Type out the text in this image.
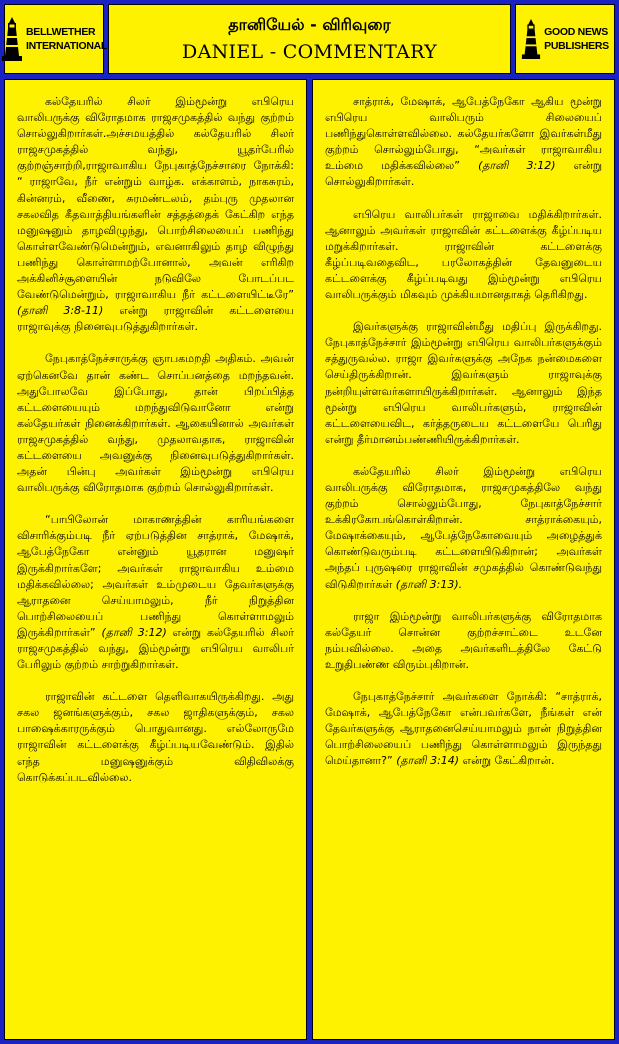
BELLWETHER
INTERNATIONAL
தானியேல் - விரிவுரை
DANIEL - COMMENTARY
GOOD NEWS
PUBLISHERS

கல்தேயரில் சிலர் இம்மூன்று எபிரெய வாலிபருக்கு விரோதமாக ராஜசமுகத்தில் வந்து குற்றம் சொல்லுகிறார்கள்.அச்சமயத்தில் கல்தேயரில் சிலர் ராஜசமுகத்தில் வந்து, யூதர்பேரில் குற்றஞ்சாற்றி,ராஜாவாகிய நேபுகாத்நேச்சாரை நோக்கி: “ ராஜாவே, நீர் என்றும் வாழ்க. எக்காளம், நாகசுரம், கின்னரம், வீணை, சுரமண்டலம், தம்புரு முதலான சகலவித கீதவாத்தியங்களின் சத்தத்தைக் கேட்கிற எந்த மனுஷனும் தாழவிழுந்து, பொற்சிலையைப் பணிந்து கொள்ளவேண்டுமென்றும், எவனாகிலும் தாழ விழுந்து பணிந்து கொள்ளாமற்போனால், அவன் எரிகிற அக்கினிச்சூளையின் நடுவிலே போடப்பட வேண்டுமென்றும், ராஜாவாகிய நீர் கட்டளையிட்டீரே” (தானி 3:8-11) என்று ராஜாவின் கட்டளையை ராஜாவுக்கு நினைவுபடுத்துகிறார்கள்.

நேபுகாத்நேச்சாருக்கு ஞாபகமறதி அதிகம். அவன் ஏற்கெனவே தான் கண்ட சொப்பனத்தை மறந்தவன். அதுபோலவே இப்போது, தான் பிறப்பித்த கட்டளையையும் மறந்துவிடுவானோ என்று கல்தேயர்கள் நினைக்கிறார்கள். ஆகையினால் அவர்கள் ராஜசமுகத்தில் வந்து, முதலாவதாக, ராஜாவின் கட்டளையை அவனுக்கு நினைவுபடுத்துகிறார்கள். அதன் பின்பு அவர்கள் இம்மூன்று எபிரெய வாலிபருக்கு விரோதமாக குற்றம் சொல்லுகிறார்கள்.

“பாபிலோன் மாகாணத்தின் காரியங்களை விசாரிக்கும்படி நீர் ஏற்படுத்தின சாத்ராக், மேஷாக், ஆபேத்நேகோ என்னும் யூதரான மனுஷர் இருக்கிறார்களே; அவர்கள் ராஜாவாகிய உம்மை மதிக்கவில்லை; அவர்கள் உம்முடைய தேவர்களுக்கு ஆராதனை செய்யாமலும், நீர் நிறுத்தின பொற்சிலையைப் பணிந்து கொள்ளாமலும் இருக்கிறார்கள்” (தானி 3:12) என்று கல்தேயரில் சிலர் ராஜசமுகத்தில் வந்து, இம்மூன்று எபிரெய வாலிபர் பேரிலும் குற்றம் சாற்றுகிறார்கள்.

ராஜாவின் கட்டளை தெளிவாகயிருக்கிறது. அது சகல ஜனங்களுக்கும், சகல ஜாதிகளுக்கும், சகல பாஷைக்காரருக்கும் பொதுவானது. எல்லோருமே ராஜாவின் கட்டளைக்கு கீழ்ப்படியவேண்டும். இதில் எந்த மனுஷனுக்கும் விதிவிலக்கு கொடுக்கப்படவில்லை.

சாத்ராக், மேஷாக், ஆபேத்நேகோ ஆகிய மூன்று எபிரெய வாலிபரும் சிலையைப் பணிந்துகொள்ளவில்லை. கல்தேயர்களோ இவர்கள்மீது குற்றம் சொல்லும்போது, “அவர்கள் ராஜாவாகிய உம்மை மதிக்கவில்லை” (தானி 3:12) என்று சொல்லுகிறார்கள்.

எபிரெய வாலிபர்கள் ராஜாவை மதிக்கிறார்கள். ஆனாலும் அவர்கள் ராஜாவின் கட்டளைக்கு கீழ்ப்படிய மறுக்கிறார்கள். ராஜாவின் கட்டளைக்கு கீழ்ப்படிவதைவிட, பரலோகத்தின் தேவனுடைய கட்டளைக்கு கீழ்ப்படிவது இம்மூன்று எபிரெய வாலிபருக்கும் மிகவும் முக்கியமானதாகத் தெரிகிறது.

இவர்களுக்கு ராஜாவின்மீது மதிப்பு இருக்கிறது. நேபுகாத்நேச்சார் இம்மூன்று எபிரெய வாலிபர்களுக்கும் சத்துருவல்ல. ராஜா இவர்களுக்கு அநேக நன்மைகளை செய்திருக்கிறான். இவர்களும் ராஜாவுக்கு நன்றியுள்ளவர்களாயிருக்கிறார்கள். ஆனாலும் இந்த மூன்று எபிரெய வாலிபர்களும், ராஜாவின் கட்டளையைவிட, கர்த்தருடைய கட்டளையே பெரிது என்று தீர்மானம்பண்ணியிருக்கிறார்கள்.

கல்தேயரில் சிலர் இம்மூன்று எபிரெய வாலிபருக்கு விரோதமாக, ராஜசமுகத்திலே வந்து குற்றம் சொல்லும்போது, நேபுகாத்நேச்சார் உக்கிரகோபங்கொள்கிறான். சாத்ராக்கையும், மேஷாக்கையும், ஆபேத்நேகோவையும் அழைத்துக் கொண்டுவரும்படி கட்டளையிடுகிறான்; அவர்கள் அந்தப் புருஷரை ராஜாவின் சமுகத்தில் கொண்டுவந்து விடுகிறார்கள் (தானி 3:13).

ராஜா இம்மூன்று வாலிபர்களுக்கு விரோதமாக கல்தேயர் சொன்ன குற்றச்சாட்டை உடனே நம்பவில்லை. அதை அவர்களிடத்திலே கேட்டு உறுதிபண்ண விரும்புகிறான்.

நேபுகாத்நேச்சார் அவர்களை நோக்கி: “சாத்ராக், மேஷாக், ஆபேத்நேகோ என்பவர்களே, நீங்கள் என் தேவர்களுக்கு ஆராதனைசெய்யாமலும் நான் நிறுத்தின பொற்சிலையைப் பணிந்து கொள்ளாமலும் இருந்தது மெய்தானா?” (தானி 3:14) என்று கேட்கிறான்.
